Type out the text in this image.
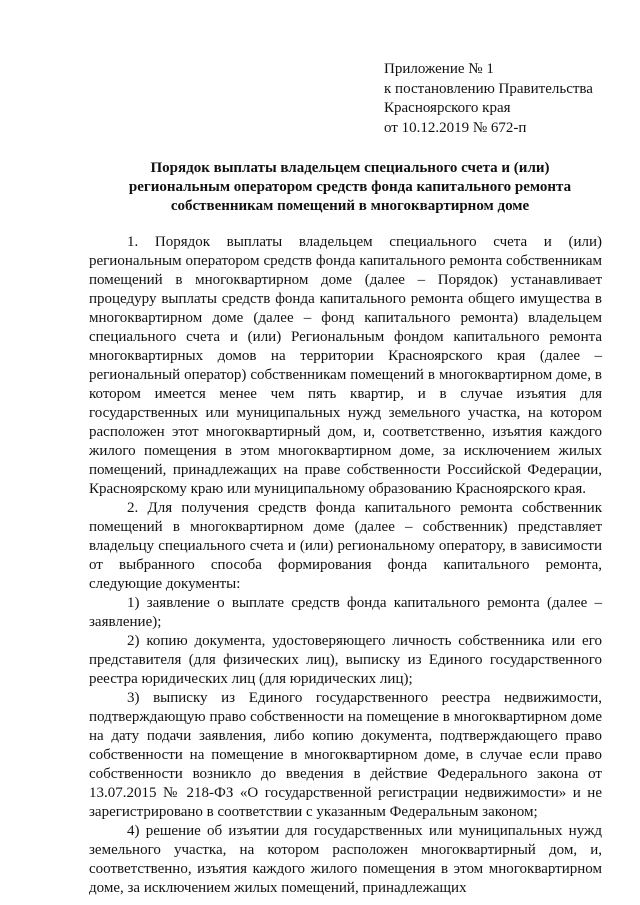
Приложение № 1
к постановлению Правительства
Красноярского края
от 10.12.2019 № 672-п
Порядок выплаты владельцем специального счета и (или)
региональным оператором средств фонда капитального ремонта
собственникам помещений в многоквартирном доме

1. Порядок выплаты владельцем специального счета и (или) региональным оператором средств фонда капитального ремонта собственникам помещений в многоквартирном доме (далее – Порядок) устанавливает процедуру выплаты средств фонда капитального ремонта общего имущества в многоквартирном доме (далее – фонд капитального ремонта) владельцем специального счета и (или) Региональным фондом капитального ремонта многоквартирных домов на территории Красноярского края (далее – региональный оператор) собственникам помещений в многоквартирном доме, в котором имеется менее чем пять квартир, и в случае изъятия для государственных или муниципальных нужд земельного участка, на котором расположен этот многоквартирный дом, и, соответственно, изъятия каждого жилого помещения в этом многоквартирном доме, за исключением жилых помещений, принадлежащих на праве собственности Российской Федерации, Красноярскому краю или муниципальному образованию Красноярского края.

2. Для получения средств фонда капитального ремонта собственник помещений в многоквартирном доме (далее – собственник) представляет владельцу специального счета и (или) региональному оператору, в зависимости от выбранного способа формирования фонда капитального ремонта, следующие документы:

1) заявление о выплате средств фонда капитального ремонта (далее – заявление);

2) копию документа, удостоверяющего личность собственника или его представителя (для физических лиц), выписку из Единого государственного реестра юридических лиц (для юридических лиц);

3) выписку из Единого государственного реестра недвижимости, подтверждающую право собственности на помещение в многоквартирном доме на дату подачи заявления, либо копию документа, подтверждающего право собственности на помещение в многоквартирном доме, в случае если право собственности возникло до введения в действие Федерального закона от 13.07.2015 № 218-ФЗ «О государственной регистрации недвижимости» и не зарегистрировано в соответствии с указанным Федеральным законом;

4) решение об изъятии для государственных или муниципальных нужд земельного участка, на котором расположен многоквартирный дом, и, соответственно, изъятия каждого жилого помещения в этом многоквартирном доме, за исключением жилых помещений, принадлежащих
